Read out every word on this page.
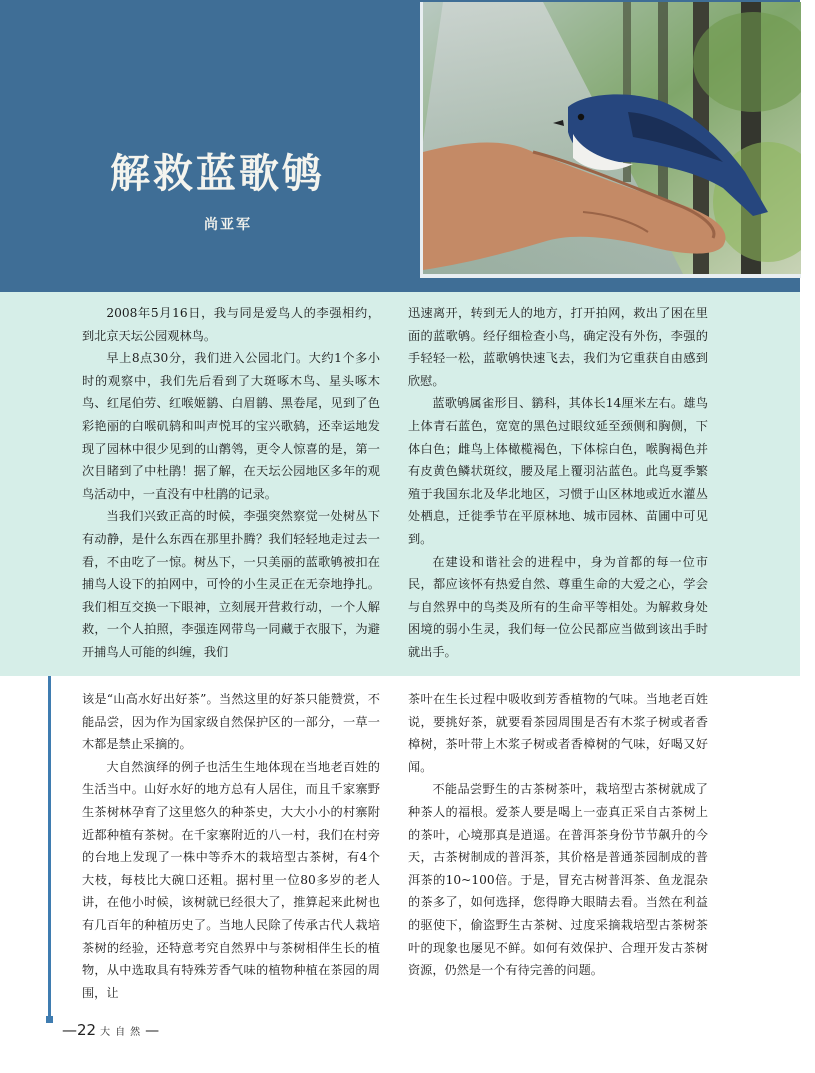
解救蓝歌鸲
尚亚军

2008年5月16日，我与同是爱鸟人的李强相约，到北京天坛公园观林鸟。

早上8点30分，我们进入公园北门。大约1个多小时的观察中，我们先后看到了大斑啄木鸟、星头啄木鸟、红尾伯劳、红喉姬鹟、白眉鹟、黑卷尾，见到了色彩艳丽的白喉矶鸫和叫声悦耳的宝兴歌鸫，还幸运地发现了园林中很少见到的山鹡鸰，更令人惊喜的是，第一次目睹到了中杜鹃！据了解，在天坛公园地区多年的观鸟活动中，一直没有中杜鹃的记录。

当我们兴致正高的时候，李强突然察觉一处树丛下有动静，是什么东西在那里扑腾？我们轻轻地走过去一看，不由吃了一惊。树丛下，一只美丽的蓝歌鸲被扣在捕鸟人设下的拍网中，可怜的小生灵正在无奈地挣扎。我们相互交换一下眼神，立刻展开营救行动，一个人解救，一个人拍照，李强连网带鸟一同藏于衣服下，为避开捕鸟人可能的纠缠，我们

迅速离开，转到无人的地方，打开拍网，救出了困在里面的蓝歌鸲。经仔细检查小鸟，确定没有外伤，李强的手轻轻一松，蓝歌鸲快速飞去，我们为它重获自由感到欣慰。

蓝歌鸲属雀形目、鹟科，其体长14厘米左右。雄鸟上体青石蓝色，宽宽的黑色过眼纹延至颈侧和胸侧，下体白色；雌鸟上体橄榄褐色，下体棕白色，喉胸褐色并有皮黄色鳞状斑纹，腰及尾上覆羽沾蓝色。此鸟夏季繁殖于我国东北及华北地区，习惯于山区林地或近水灌丛处栖息，迁徙季节在平原林地、城市园林、苗圃中可见到。

在建设和谐社会的进程中，身为首都的每一位市民，都应该怀有热爱自然、尊重生命的大爱之心，学会与自然界中的鸟类及所有的生命平等相处。为解救身处困境的弱小生灵，我们每一位公民都应当做到该出手时就出手。

该是“山高水好出好茶”。当然这里的好茶只能赞赏，不能品尝，因为作为国家级自然保护区的一部分，一草一木都是禁止采摘的。

大自然演绎的例子也活生生地体现在当地老百姓的生活当中。山好水好的地方总有人居住，而且千家寨野生茶树林孕育了这里悠久的种茶史，大大小小的村寨附近都种植有茶树。在千家寨附近的八一村，我们在村旁的台地上发现了一株中等乔木的栽培型古茶树，有4个大枝，每枝比大碗口还粗。据村里一位80多岁的老人讲，在他小时候，该树就已经很大了，推算起来此树也有几百年的种植历史了。当地人民除了传承古代人栽培茶树的经验，还特意考究自然界中与茶树相伴生长的植物，从中选取具有特殊芳香气味的植物种植在茶园的周围，让

茶叶在生长过程中吸收到芳香植物的气味。当地老百姓说，要挑好茶，就要看茶园周围是否有木浆子树或者香樟树，茶叶带上木浆子树或者香樟树的气味，好喝又好闻。

不能品尝野生的古茶树茶叶，栽培型古茶树就成了种茶人的福根。爱茶人要是喝上一壶真正采自古茶树上的茶叶，心境那真是逍遥。在普洱茶身份节节飙升的今天，古茶树制成的普洱茶，其价格是普通茶园制成的普洱茶的10~100倍。于是，冒充古树普洱茶、鱼龙混杂的茶多了，如何选择，您得睁大眼睛去看。当然在利益的驱使下，偷盗野生古茶树、过度采摘栽培型古茶树茶叶的现象也屡见不鲜。如何有效保护、合理开发古茶树资源，仍然是一个有待完善的问题。

—22 大自然—
